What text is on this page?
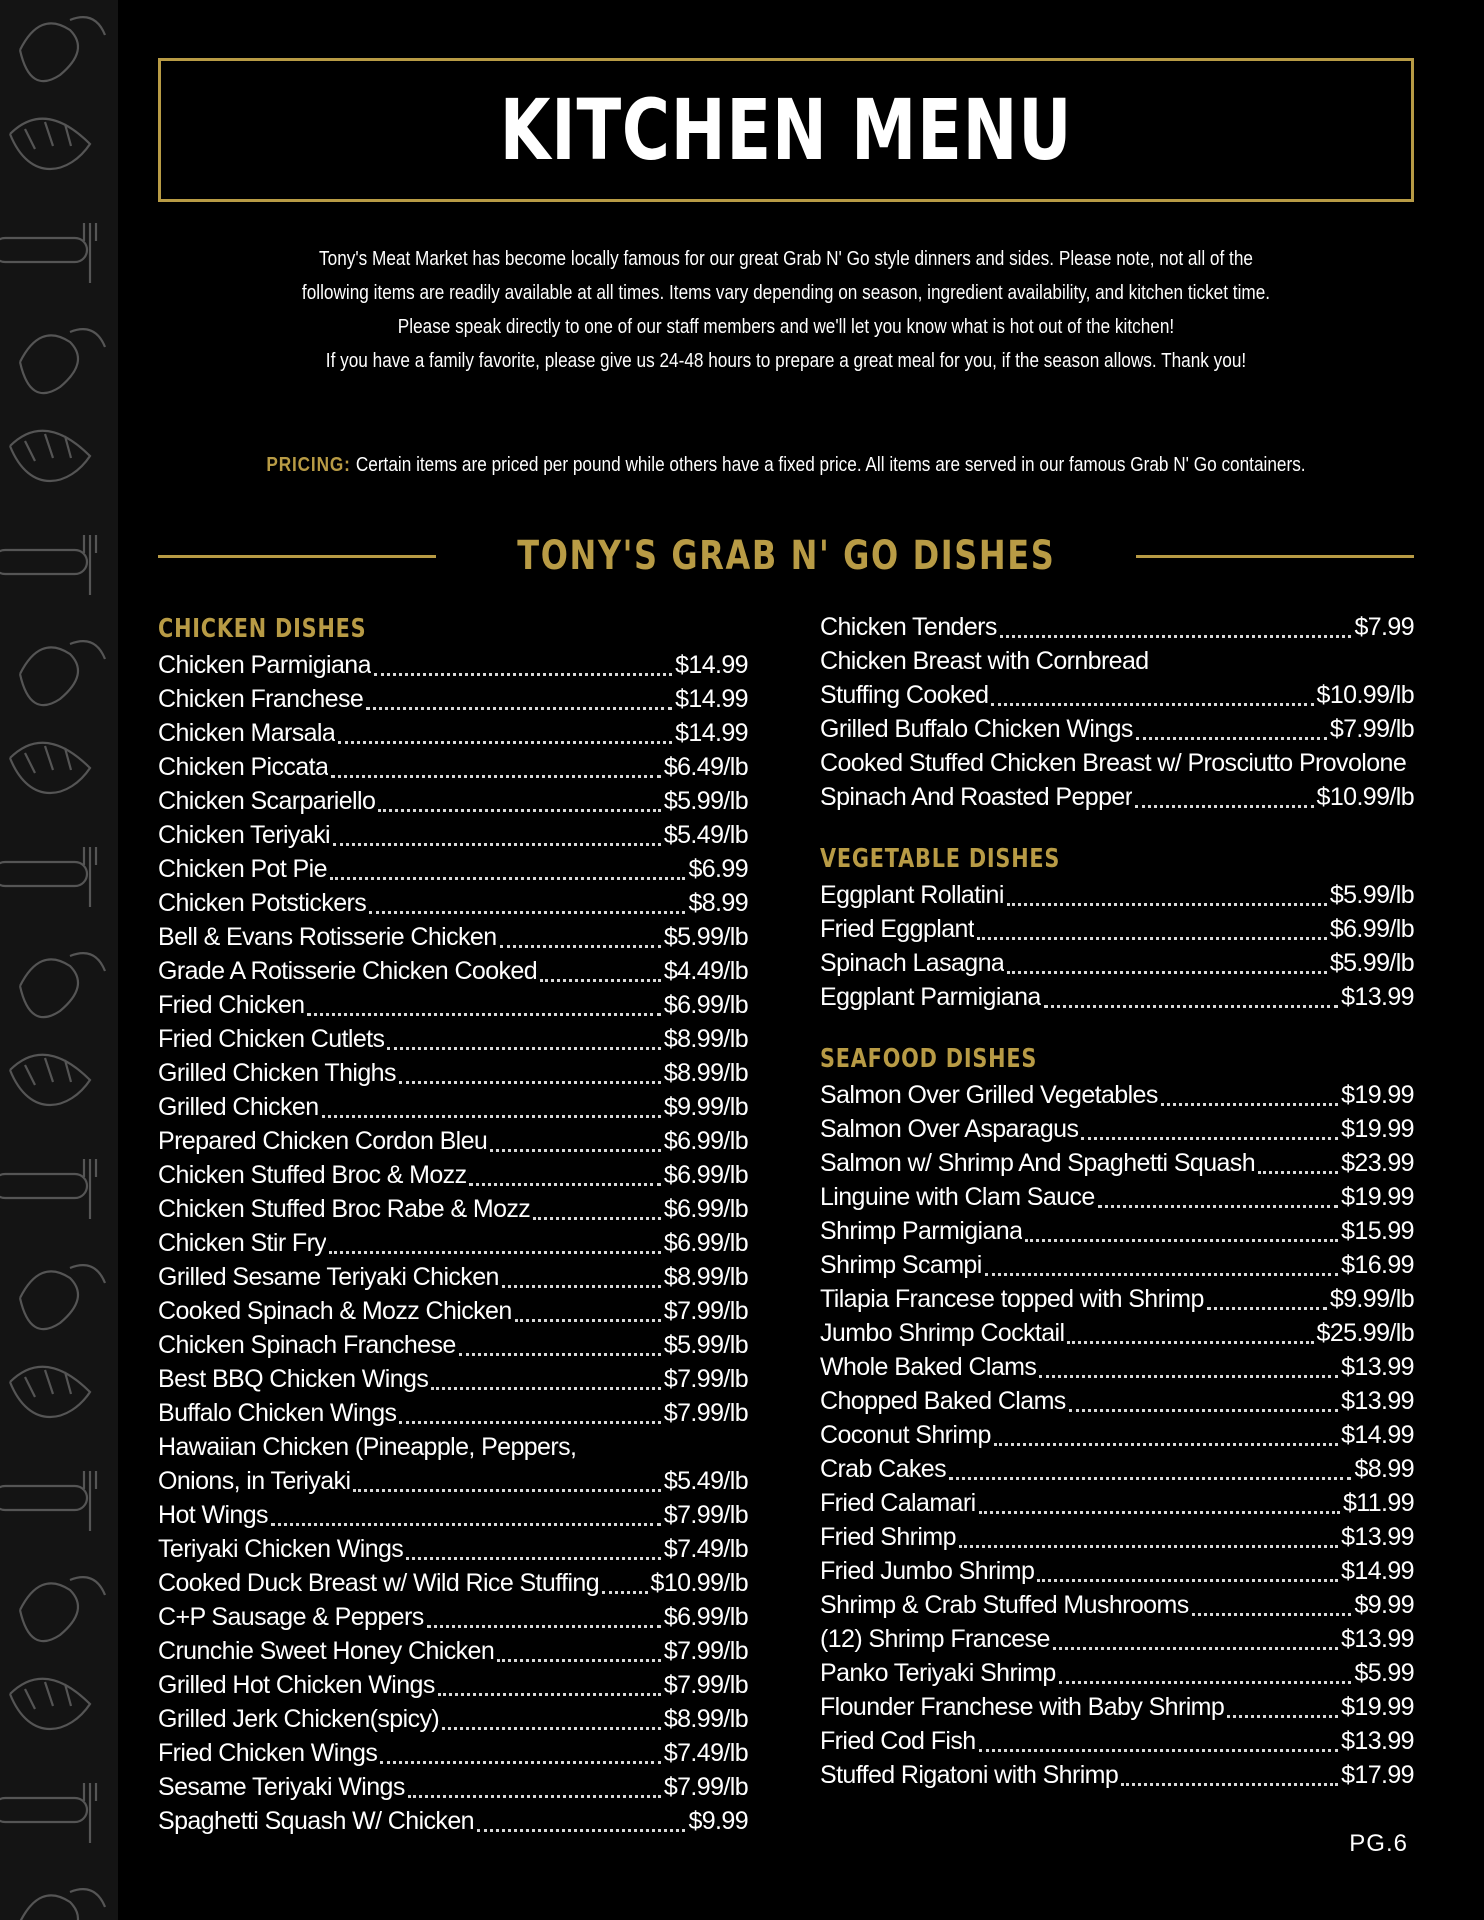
KITCHEN MENU

Tony's Meat Market has become locally famous for our great Grab N' Go style dinners and sides. Please note, not all of the

following items are readily available at all times. Items vary depending on season, ingredient availability, and kitchen ticket time.

Please speak directly to one of our staff members and we'll let you know what is hot out of the kitchen!

If you have a family favorite, please give us 24-48 hours to prepare a great meal for you, if the season allows. Thank you!

PRICING: Certain items are priced per pound while others have a fixed price. All items are served in our famous Grab N' Go containers.
TONY'S GRAB N' GO DISHES
CHICKEN DISHES
Chicken Parmigiana	$14.99
Chicken Franchese	$14.99
Chicken Marsala	$14.99
Chicken Piccata	$6.49/lb
Chicken Scarpariello	$5.99/lb
Chicken Teriyaki	$5.49/lb
Chicken Pot Pie	$6.99
Chicken Potstickers	$8.99
Bell & Evans Rotisserie Chicken	$5.99/lb
Grade A Rotisserie Chicken Cooked	$4.49/lb
Fried Chicken	$6.99/lb
Fried Chicken Cutlets	$8.99/lb
Grilled Chicken Thighs	$8.99/lb
Grilled Chicken	$9.99/lb
Prepared Chicken Cordon Bleu	$6.99/lb
Chicken Stuffed Broc & Mozz	$6.99/lb
Chicken Stuffed Broc Rabe & Mozz	$6.99/lb
Chicken Stir Fry	$6.99/lb
Grilled Sesame Teriyaki Chicken	$8.99/lb
Cooked Spinach & Mozz Chicken	$7.99/lb
Chicken Spinach Franchese	$5.99/lb
Best BBQ Chicken Wings	$7.99/lb
Buffalo Chicken Wings	$7.99/lb
Hawaiian Chicken (Pineapple, Peppers,
Onions, in Teriyaki	$5.49/lb
Hot Wings	$7.99/lb
Teriyaki Chicken Wings	$7.49/lb
Cooked Duck Breast w/ Wild Rice Stuffing $10.99/lb
C+P Sausage & Peppers	$6.99/lb
Crunchie Sweet Honey Chicken	$7.99/lb
Grilled Hot Chicken Wings	$7.99/lb
Grilled Jerk Chicken(spicy)	$8.99/lb
Fried Chicken Wings	$7.49/lb
Sesame Teriyaki Wings	$7.99/lb
Spaghetti Squash W/ Chicken	$9.99
Chicken Tenders	$7.99
Chicken Breast with Cornbread
Stuffing Cooked	$10.99/lb
Grilled Buffalo Chicken Wings	$7.99/lb
Cooked Stuffed Chicken Breast w/ Prosciutto Provolone
Spinach And Roasted Pepper	$10.99/lb
VEGETABLE DISHES
Eggplant Rollatini	$5.99/lb
Fried Eggplant	$6.99/lb
Spinach Lasagna	$5.99/lb
Eggplant Parmigiana	$13.99
SEAFOOD DISHES
Salmon Over Grilled Vegetables	$19.99
Salmon Over Asparagus	$19.99
Salmon w/ Shrimp And Spaghetti Squash	$23.99
Linguine with Clam Sauce	$19.99
Shrimp Parmigiana	$15.99
Shrimp Scampi	$16.99
Tilapia Francese topped with Shrimp	$9.99/lb
Jumbo Shrimp Cocktail	$25.99/lb
Whole Baked Clams	$13.99
Chopped Baked Clams	$13.99
Coconut Shrimp	$14.99
Crab Cakes	$8.99
Fried Calamari	$11.99
Fried Shrimp	$13.99
Fried Jumbo Shrimp	$14.99
Shrimp & Crab Stuffed Mushrooms	$9.99
(12) Shrimp Francese	$13.99
Panko Teriyaki Shrimp	$5.99
Flounder Franchese with Baby Shrimp	$19.99
Fried Cod Fish	$13.99
Stuffed Rigatoni with Shrimp	$17.99
PG.6
